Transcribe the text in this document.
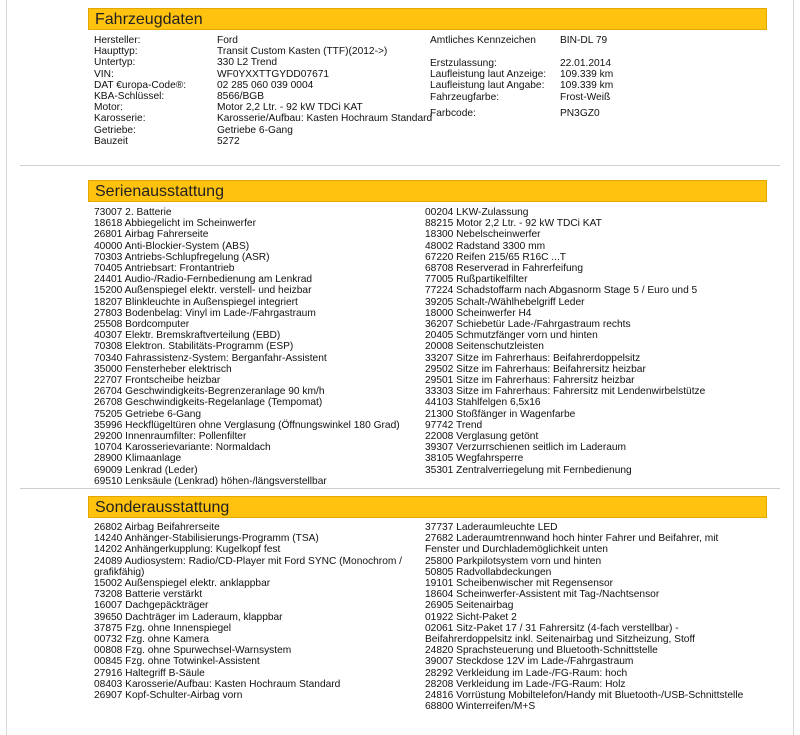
Fahrzeugdaten
Hersteller:
Haupttyp:
Untertyp:
VIN:
DAT €uropa-Code®:
KBA-Schlüssel:
Motor:
Karosserie:
Getriebe:
Bauzeit
Ford
Transit Custom Kasten (TTF)(2012->)
330 L2 Trend
WF0YXXTTGYDD07671
02 285 060 039 0004
8566/BGB
Motor 2,2 Ltr. - 92 kW TDCi KAT
Karosserie/Aufbau: Kasten Hochraum Standard
Getriebe 6-Gang
5272
Amtliches Kennzeichen BIN-DL 79
Erstzulassung:
Laufleistung laut Anzeige:
Laufleistung laut Angabe:
Fahrzeugfarbe:
22.01.2014
109.339 km
109.339 km
Frost-Weiß
Farbcode:	PN3GZ0
Serienausstattung
73007 2. Batterie
18618 Abbiegelicht im Scheinwerfer
26801 Airbag Fahrerseite
40000 Anti-Blockier-System (ABS)
70303 Antriebs-Schlupfregelung (ASR)
70405 Antriebsart: Frontantrieb
24401 Audio-/Radio-Fernbedienung am Lenkrad
15200 Außenspiegel elektr. verstell- und heizbar
18207 Blinkleuchte in Außenspiegel integriert
27803 Bodenbelag: Vinyl im Lade-/Fahrgastraum
25508 Bordcomputer
40307 Elektr. Bremskraftverteilung (EBD)
70308 Elektron. Stabilitäts-Programm (ESP)
70340 Fahrassistenz-System: Berganfahr-Assistent
35000 Fensterheber elektrisch
22707 Frontscheibe heizbar
26704 Geschwindigkeits-Begrenzeranlage 90 km/h
26708 Geschwindigkeits-Regelanlage (Tempomat)
75205 Getriebe 6-Gang
35996 Heckflügeltüren ohne Verglasung (Öffnungswinkel 180 Grad)
29200 Innenraumfilter: Pollenfilter
10704 Karosserievariante: Normaldach
28900 Klimaanlage
69009 Lenkrad (Leder)
69510 Lenksäule (Lenkrad) höhen-/längsverstellbar
00204 LKW-Zulassung
88215 Motor 2,2 Ltr. - 92 kW TDCi KAT
18300 Nebelscheinwerfer
48002 Radstand 3300 mm
67220 Reifen 215/65 R16C ...T
68708 Reserverad in Fahrerfeifung
77005 Rußpartikelfilter
77224 Schadstoffarm nach Abgasnorm Stage 5 / Euro und 5
39205 Schalt-/Wählhebelgriff Leder
18000 Scheinwerfer H4
36207 Schiebetür Lade-/Fahrgastraum rechts
20405 Schmutzfänger vorn und hinten
20008 Seitenschutzleisten
33207 Sitze im Fahrerhaus: Beifahrerdoppelsitz
29502 Sitze im Fahrerhaus: Beifahrersitz heizbar
29501 Sitze im Fahrerhaus: Fahrersitz heizbar
33303 Sitze im Fahrerhaus: Fahrersitz mit Lendenwirbelstütze
44103 Stahlfelgen 6,5x16
21300 Stoßfänger in Wagenfarbe
97742 Trend
22008 Verglasung getönt
39307 Verzurrschienen seitlich im Laderaum
38105 Wegfahrsperre
35301 Zentralverriegelung mit Fernbedienung
Sonderausstattung
26802 Airbag Beifahrerseite
14240 Anhänger-Stabilisierungs-Programm (TSA)
14202 Anhängerkupplung: Kugelkopf fest
24089 Audiosystem: Radio/CD-Player mit Ford SYNC (Monochrom / grafikfähig)
15002 Außenspiegel elektr. anklappbar
73208 Batterie verstärkt
16007 Dachgepäckträger
39650 Dachträger im Laderaum, klappbar
37875 Fzg. ohne Innenspiegel
00732 Fzg. ohne Kamera
00808 Fzg. ohne Spurwechsel-Warnsystem
00845 Fzg. ohne Totwinkel-Assistent
27916 Haltegriff B-Säule
08403 Karosserie/Aufbau: Kasten Hochraum Standard
26907 Kopf-Schulter-Airbag vorn
37737 Laderaumleuchte LED
27682 Laderaumtrennwand hoch hinter Fahrer und Beifahrer, mit Fenster und Durchlademöglichkeit unten
25800 Parkpilotsystem vorn und hinten
50805 Radvollabdeckungen
19101 Scheibenwischer mit Regensensor
18604 Scheinwerfer-Assistent mit Tag-/Nachtsensor
26905 Seitenairbag
01922 Sicht-Paket 2
02061 Sitz-Paket 17 / 31 Fahrersitz (4-fach verstellbar) - Beifahrerdoppelsitz inkl. Seitenairbag und Sitzheizung, Stoff
24820 Sprachsteuerung und Bluetooth-Schnittstelle
39007 Steckdose 12V im Lade-/Fahrgastraum
28292 Verkleidung im Lade-/FG-Raum: hoch
28208 Verkleidung im Lade-/FG-Raum: Holz
24816 Vorrüstung Mobiltelefon/Handy mit Bluetooth-/USB-Schnittstelle
68800 Winterreifen/M+S
